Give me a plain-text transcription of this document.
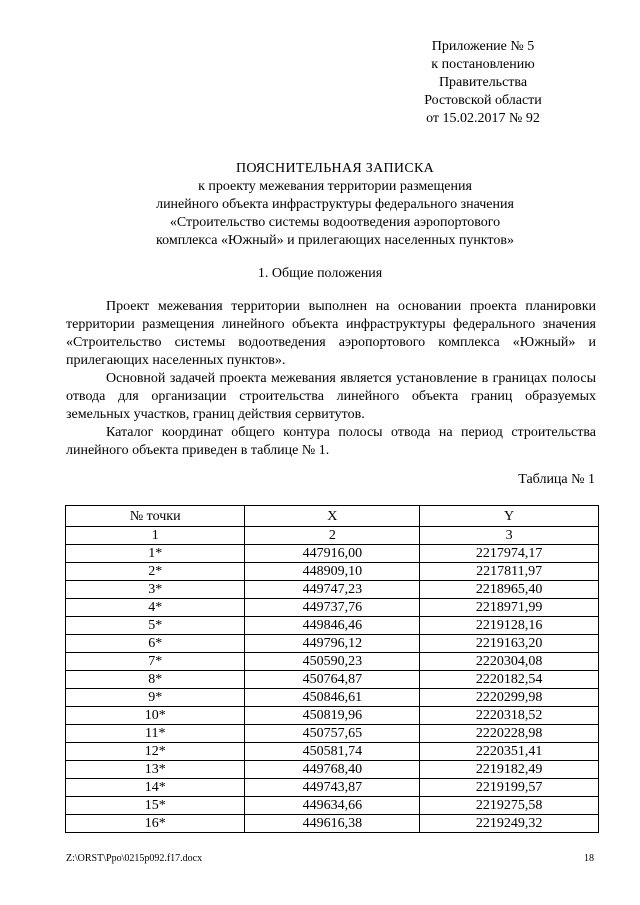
Приложение № 5
к постановлению
Правительства
Ростовской области
от 15.02.2017 № 92
ПОЯСНИТЕЛЬНАЯ ЗАПИСКА
к проекту межевания территории размещения
линейного объекта инфраструктуры федерального значения
«Строительство системы водоотведения аэропортового
комплекса «Южный» и прилегающих населенных пунктов»
1. Общие положения

Проект межевания территории выполнен на основании проекта планировки территории размещения линейного объекта инфраструктуры федерального значения «Строительство системы водоотведения аэропортового комплекса «Южный» и прилегающих населенных пунктов».

Основной задачей проекта межевания является установление в границах полосы отвода для организации строительства линейного объекта границ образуемых земельных участков, границ действия сервитутов.

Каталог координат общего контура полосы отвода на период строительства линейного объекта приведен в таблице № 1.

Таблица № 1
№ точки	X	Y
1	2	3
1*	447916,00	2217974,17
2*	448909,10	2217811,97
3*	449747,23	2218965,40
4*	449737,76	2218971,99
5*	449846,46	2219128,16
6*	449796,12	2219163,20
7*	450590,23	2220304,08
8*	450764,87	2220182,54
9*	450846,61	2220299,98
10*	450819,96	2220318,52
11*	450757,65	2220228,98
12*	450581,74	2220351,41
13*	449768,40	2219182,49
14*	449743,87	2219199,57
15*	449634,66	2219275,58
16*	449616,38	2219249,32
Z:\ORST\Ppo\0215p092.f17.docx	18
